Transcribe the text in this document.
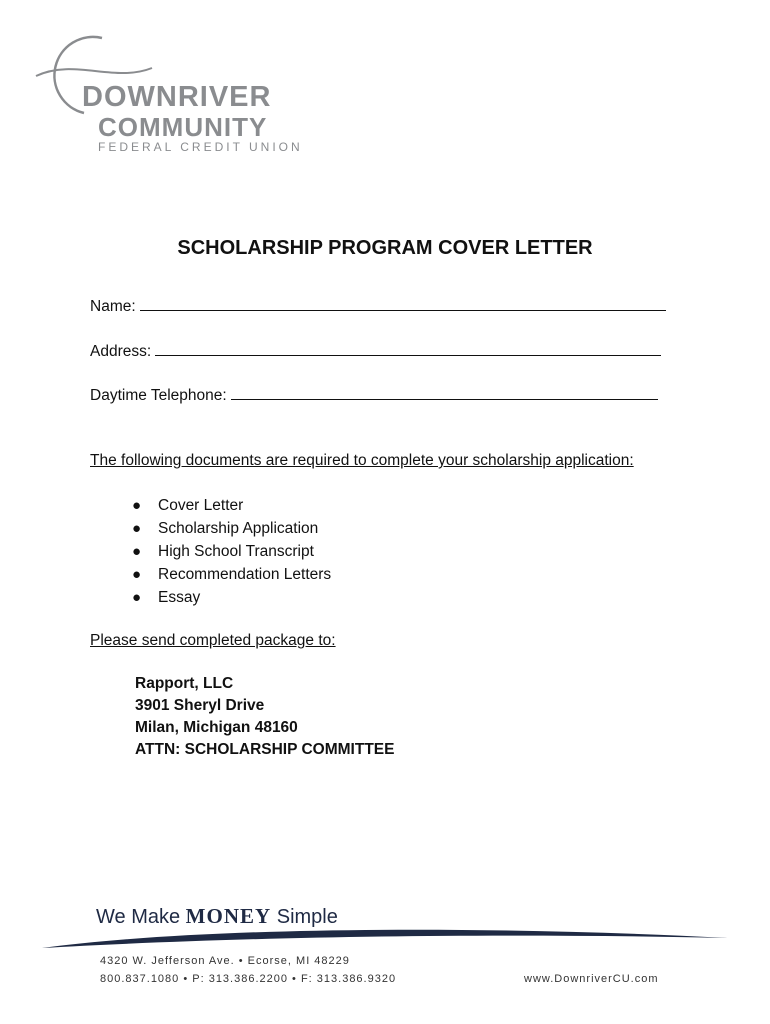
DOWNRIVER
COMMUNITY
FEDERAL CREDIT UNION
SCHOLARSHIP PROGRAM COVER LETTER
Name:
Address:
Daytime Telephone:
The following documents are required to complete your scholarship application:
● Cover Letter
● Scholarship Application
● High School Transcript
● Recommendation Letters
● Essay
Please send completed package to:
Rapport, LLC
3901 Sheryl Drive
Milan, Michigan 48160
ATTN: SCHOLARSHIP COMMITTEE
We Make MONEY Simple
4320 W. Jefferson Ave. • Ecorse, MI 48229
800.837.1080 • P: 313.386.2200 • F: 313.386.9320	www.DownriverCU.com
